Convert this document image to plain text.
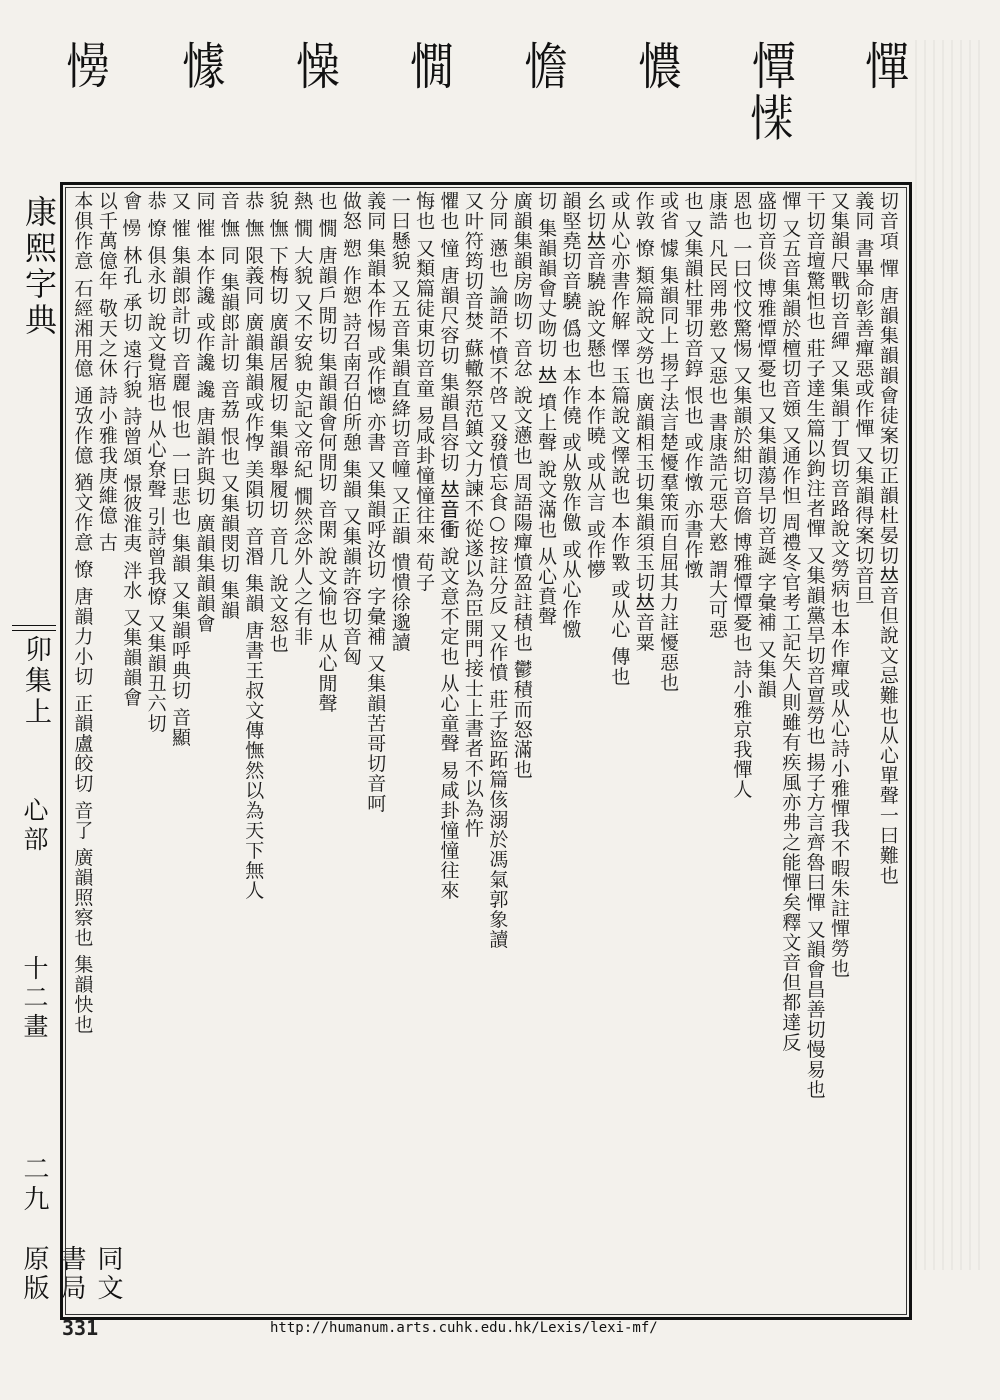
憚
憛𢡅
憹
憺
憪
懆
懅
𢢔
康熙字典
卯集上
心部
十二畫
二九
同文書局原版
切音項 憚 唐韻集韻韻會徒案切正韻杜晏切𠀤音但說文忌難也从心單聲一曰難也
義同 書畢命彰善癉惡或作憚 又集韻得案切音旦
又集韻尺戰切音繟 又集韻丁賀切音路說文勞病也本作癉或从心詩小雅憚我不暇朱註憚勞也
干切音壇驚怛也 莊子達生篇以鉤注者憚 又集韻黨旱切音亶勞也 揚子方言齊魯曰憚 又韻會昌善切慢易也
憚 又五音集韻於檀切音頞 又通作怛 周禮冬官考工記矢人則雖有疾風亦弗之能憚矣釋文音但都達反
盛切音倓 博雅憛憛憂也 又集韻蕩旱切音誕 字彙補 又集韻
恩也 一曰忟忟驚惕 又集韻於紺切音儋 博雅憛憛憂也 詩小雅京我憚人
康誥 凡民罔弗憝 又惡也 書康誥元惡大憝 謂大可惡
也 又集韻杜罪切音錞 恨也 或作憞 亦書作憞
或省 懅 集韻同上 揚子法言楚懮羣策而自屈其力註懮惡也
作敦 憭 類篇說文勞也 廣韻相玉切集韻須玉切𠀤音粟
或从心亦書作解 懌 玉篇說文懌說也 本作斁 或从心 傳也
幺切𠀤音驍 說文懸也 本作曉 或从言 或作懜
韻堅堯切音驍 僞也 本作僥 或从敫作儌 或从心作憿
切 集韻韻會丈吻切 𠀤 墳上聲 說文滿也 从心賁聲
廣韻集韻房吻切 音忿 說文懣也 周語陽癉憤盈註積也 鬱積而怒滿也
分同 懣也 論語不憤不啓 又發憤忘食○按註分反 又作憤 莊子盜跖篇侅溺於馮氣郭象讀
又叶符筠切音焚 蘇轍祭范鎮文力諫不從遂以為臣開門接士上書者不以為忤
懼也 憧 唐韻尺容切 集韻昌容切 𠀤音衝 說文意不定也 从心童聲 易咸卦憧憧往來
悔也 又類篇徒東切音童 易咸卦憧憧往來 荀子
一曰懸貌 又五音集韻直絳切音幢 又正韻 憒憒徐邈讀
義同 集韻本作惕 或作憁 亦書 又集韻呼汝切 字彙補 又集韻苦哥切音呵
做怒 愬 作愬 詩召南召伯所憩 集韻 又集韻許容切音匈
也 憪 唐韻戶閒切 集韻韻會何閒切 音閑 說文愉也 从心閒聲
熱 憪 大貌 又不安貌 史記文帝紀 憪然念外人之有非
貌 憮 下梅切 廣韻居履切 集韻舉履切 音几 說文怒也
恭 憮 限義同 廣韻集韻或作惸 美隕切 音湣 集韻 唐書王叔文傳憮然以為天下無人
音 憮 同 集韻郎計切 音荔 恨也 又集韻閔切 集韻
同 慛 本作讒 或作讒 讒 唐韻許與切 廣韻集韻韻會
又 慛 集韻郎計切 音麗 恨也 一曰悲也 集韻 又集韻呼典切 音顯
恭 憭 俱永切 說文覺寤也 从心尞聲 引詩曾我憭 又集韻丑六切
會 𢢔 林孔 承切 遠行貌 詩曾頌 憬彼淮夷 泮水 又集韻韻會
以千萬億年 敬天之休 詩小雅我庚維億 古
本俱作意 石經湘用億 通攷作億 猶文作意 憭 唐韻力小切 正韻盧皎切 音了 廣韻照察也 集韻快也
331	http://humanum.arts.cuhk.edu.hk/Lexis/lexi-mf/
